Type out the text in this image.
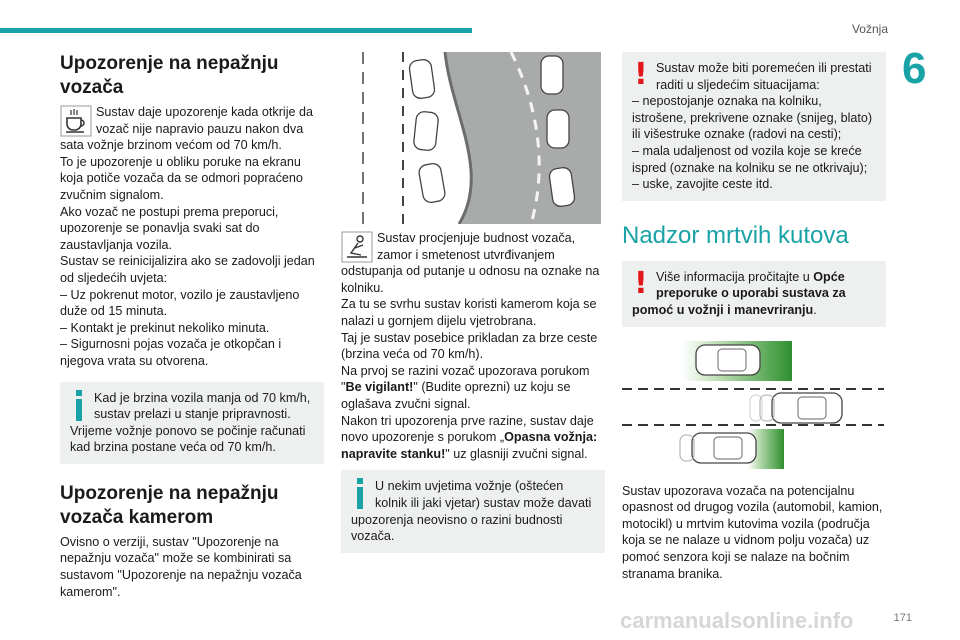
Vožnja
6
171
carmanualsonline.info
Upozorenje na nepažnju vozača

Sustav daje upozorenje kada otkrije da vozač nije napravio pauzu nakon dva sata vožnje brzinom većom od 70 km/h.
To je upozorenje u obliku poruke na ekranu koja potiče vozača da se odmori popraćeno zvučnim signalom.
Ako vozač ne postupi prema preporuci, upozorenje se ponavlja svaki sat do zaustavljanja vozila.
Sustav se reinicijalizira ako se zadovolji jedan od sljedećih uvjeta:
– Uz pokrenut motor, vozilo je zaustavljeno duže od 15 minuta.
– Kontakt je prekinut nekoliko minuta.
– Sigurnosni pojas vozača je otkopčan i njegova vrata su otvorena.

Kad je brzina vozila manja od 70 km/h, sustav prelazi u stanje pripravnosti.
Vrijeme vožnje ponovo se počinje računati kad brzina postane veća od 70 km/h.

Upozorenje na nepažnju vozača kamerom

Ovisno o verziji, sustav "Upozorenje na nepažnju vozača" može se kombinirati sa sustavom "Upozorenje na nepažnju vozača kamerom".

Sustav procjenjuje budnost vozača, zamor i smetenost utvrđivanjem odstupanja od putanje u odnosu na oznake na kolniku.
Za tu se svrhu sustav koristi kamerom koja se nalazi u gornjem dijelu vjetrobrana.
Taj je sustav posebice prikladan za brze ceste (brzina veća od 70 km/h).
Na prvoj se razini vozač upozorava porukom "Be vigilant!" (Budite oprezni) uz koju se oglašava zvučni signal.
Nakon tri upozorenja prve razine, sustav daje novo upozorenje s porukom „Opasna vožnja: napravite stanku!" uz glasniji zvučni signal.

U nekim uvjetima vožnje (oštećen kolnik ili jaki vjetar) sustav može davati upozorenja neovisno o razini budnosti vozača.

! Sustav može biti poremećen ili prestati raditi u sljedećim situacijama:
– nepostojanje oznaka na kolniku, istrošene, prekrivene oznake (snijeg, blato) ili višestruke oznake (radovi na cesti);
– mala udaljenost od vozila koje se kreće ispred (oznake na kolniku se ne otkrivaju);
– uske, zavojite ceste itd.

Nadzor mrtvih kutova
! Više informacija pročitajte u Opće preporuke o uporabi sustava za pomoć u vožnji i manevriranju.

Sustav upozorava vozača na potencijalnu opasnost od drugog vozila (automobil, kamion, motocikl) u mrtvim kutovima vozila (područja koja se ne nalaze u vidnom polju vozača) uz pomoć senzora koji se nalaze na bočnim stranama branika.
